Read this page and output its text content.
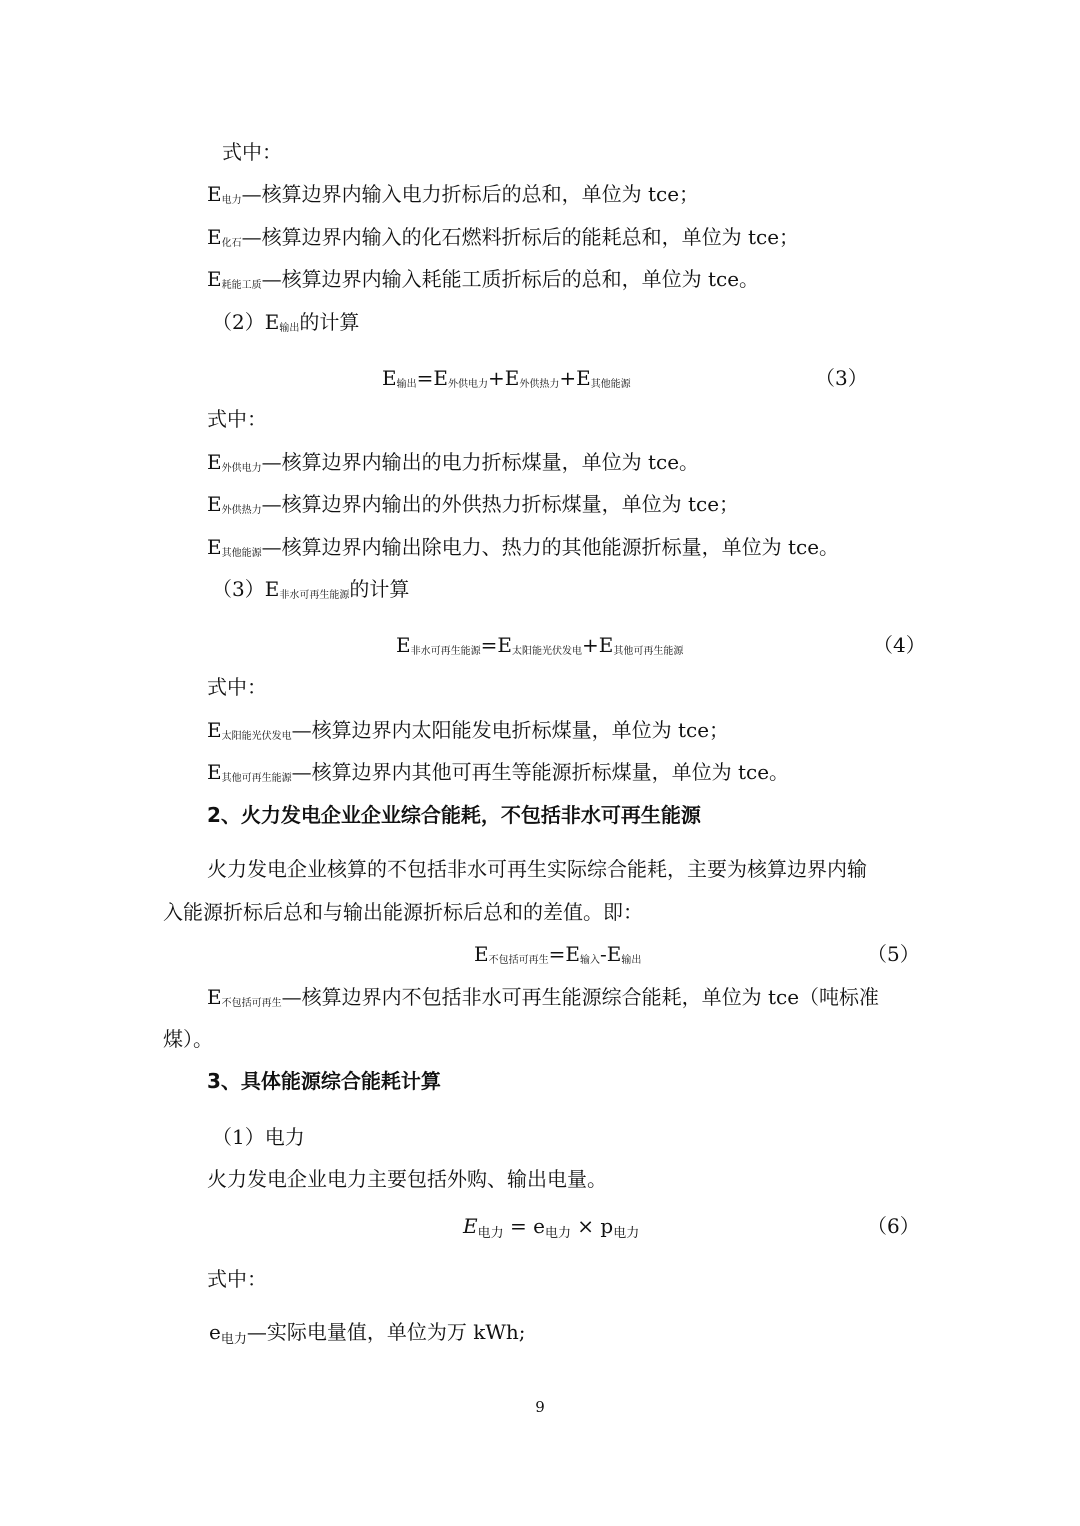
式中：
$E_{电力}—$核算边界内输入电力折标后的总和，单位为 tce；
$E_{化石}—$核算边界内输入的化石燃料折标后的能耗总和，单位为 tce；
$E_{耗能工质}—$核算边界内输入耗能工质折标后的总和，单位为 tce。
$(2)E_{输出}$的计算
$E_{输出}=E_{外供电力}+E_{外供热力}+E_{其他能源}$	（3）
式中：
$E_{外供电力}—$核算边界内输出的电力折标煤量，单位为 tce。
$E_{外供热力}—$核算边界内输出的外供热力折标煤量，单位为 tce；
$E_{其他能源}—$核算边界内输出除电力、热力的其他能源折标量，单位为 tce。
$(3)E_{非水可再生能源}$的计算
$E_{非水可再生能源}=E_{太阳能光伏发电}+E_{其他可再生能源}$	（4）
式中：
$E_{太阳能光伏发电}—$核算边界内太阳能发电折标煤量，单位为 tce；
$E_{其他可再生能源}—$核算边界内其他可再生等能源折标煤量，单位为 tce。
2、火力发电企业企业综合能耗，不包括非水可再生能源
火力发电企业核算的不包括非水可再生实际综合能耗，主要为核算边界内输
入能源折标后总和与输出能源折标后总和的差值。即：
$E_{不包括可再生}=E_{输入}-E_{输出}$	（5）
$E_{不包括可再生}—$核算边界内不包括非水可再生能源综合能耗，单位为 tce（吨标准
煤）。
3、具体能源综合能耗计算
（1）电力
火力发电企业电力主要包括外购、输出电量。
$E_{电力} = e_{电力} \times p_{电力}$	（6）
式中：
$e_{电力}—$实际电量值，单位为万 kWh;
9
